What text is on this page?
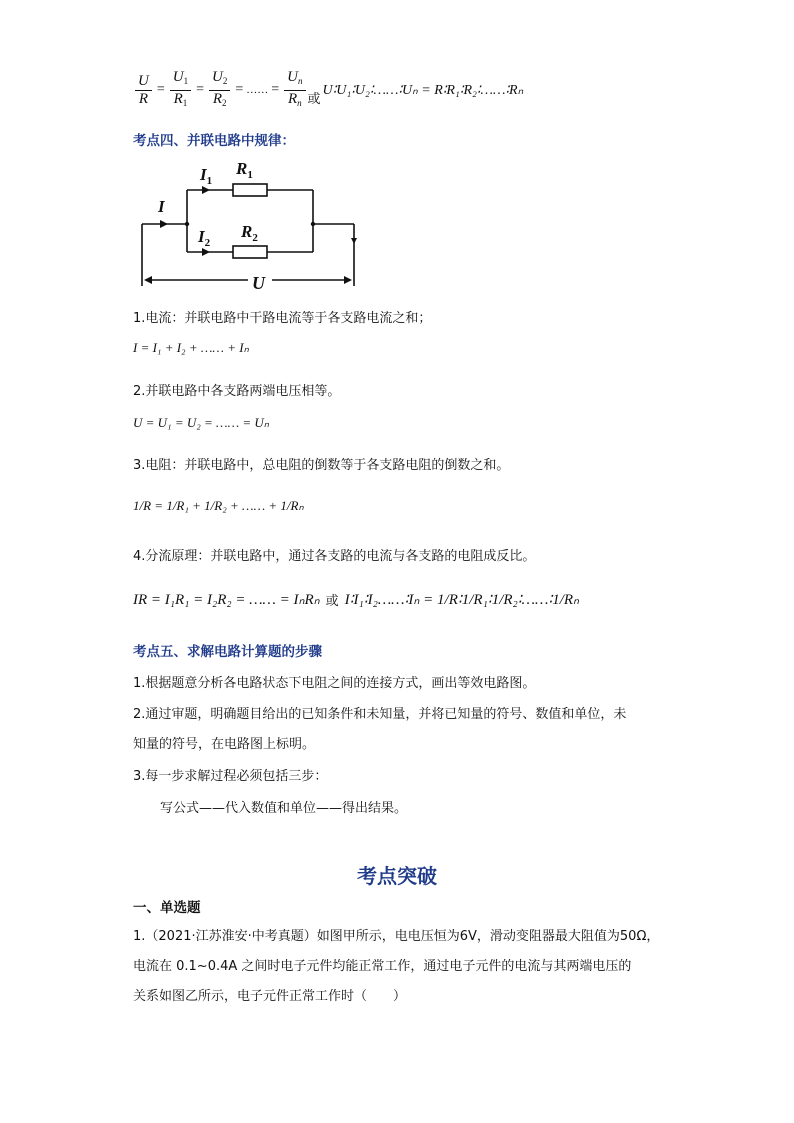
$\frac{U}{R} = \frac{U_1}{R_1} = \frac{U_2}{R_2}$ = …… = $\frac{U_n}{R_n}$ 或
U∶U₁∶U₂∶……∶Uₙ = R∶R₁∶R₂∶……∶Rₙ
考点四、并联电路中规律：
I
$I_1$
$R_1$
$I_2$
$R_2$
U
1.电流：并联电路中干路电流等于各支路电流之和；
I = I₁ + I₂ + …… + Iₙ
2.并联电路中各支路两端电压相等。
U = U₁ = U₂ = …… = Uₙ
3.电阻：并联电路中，总电阻的倒数等于各支路电阻的倒数之和。
1/R = 1/R₁ + 1/R₂ + …… + 1/Rₙ
4.分流原理：并联电路中，通过各支路的电流与各支路的电阻成反比。
IR = I₁R₁ = I₂R₂ = …… = IₙRₙ 或 I∶I₁∶I₂……∶Iₙ = 1/R∶1/R₁∶1/R₂∶……∶1/Rₙ
考点五、求解电路计算题的步骤
1.根据题意分析各电路状态下电阻之间的连接方式，画出等效电路图。
2.通过审题，明确题目给出的已知条件和未知量，并将已知量的符号、数值和单位，未
知量的符号，在电路图上标明。
3.每一步求解过程必须包括三步：
写公式——代入数值和单位——得出结果。
考点突破
一、单选题
1.（2021·江苏淮安·中考真题）如图甲所示，电电压恒为6V，滑动变阻器最大阻值为50Ω，
电流在 0.1~0.4A 之间时电子元件均能正常工作，通过电子元件的电流与其两端电压的
关系如图乙所示，电子元件正常工作时（　　）
